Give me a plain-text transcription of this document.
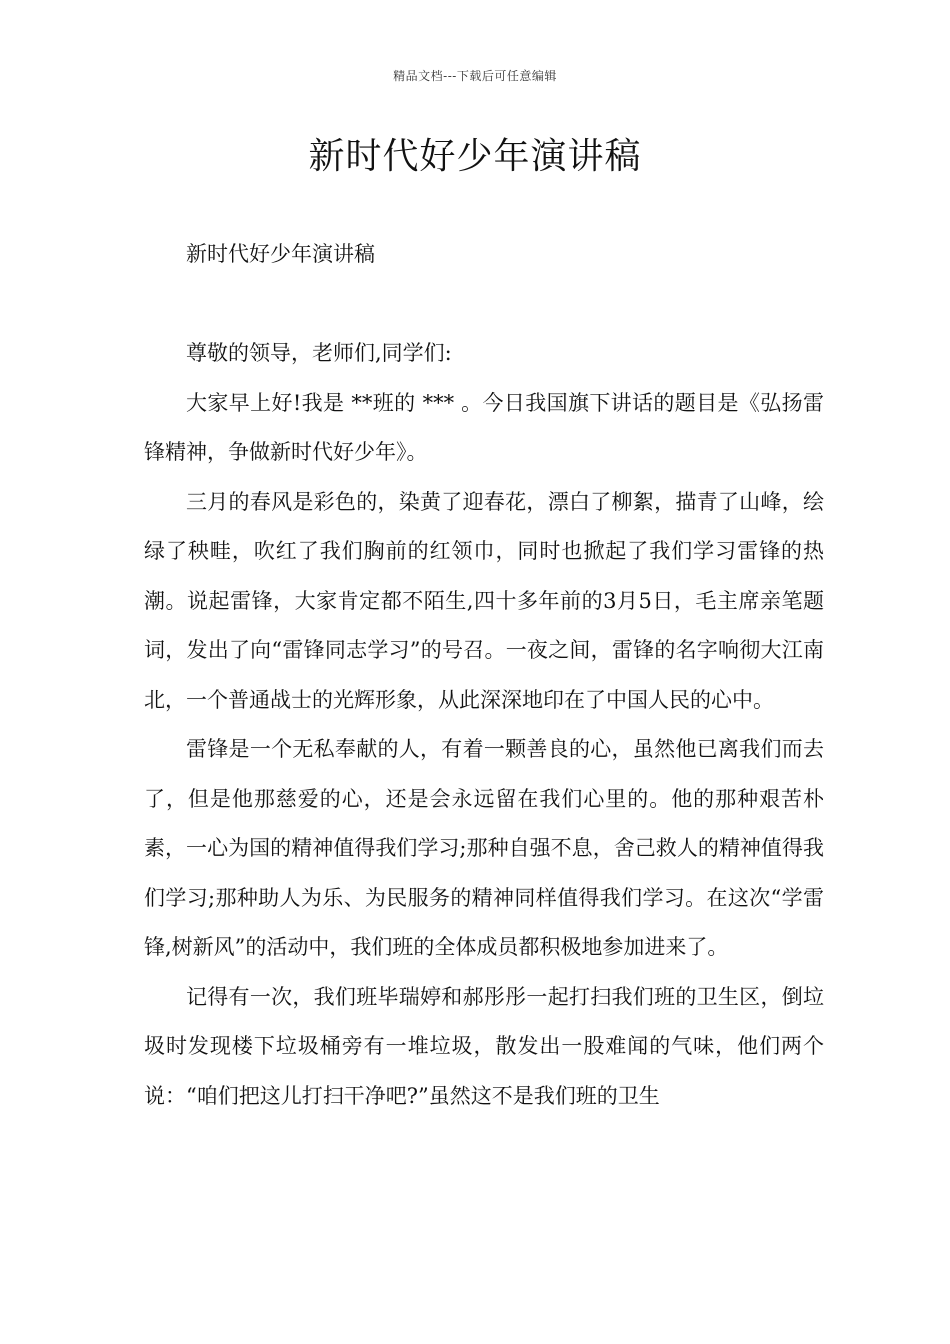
精品文档---下载后可任意编辑
新时代好少年演讲稿

新时代好少年演讲稿

尊敬的领导，老师们,同学们:

大家早上好!我是 **班的 *** 。今日我国旗下讲话的题目是《弘扬雷锋精神，争做新时代好少年》。

三月的春风是彩色的，染黄了迎春花，漂白了柳絮，描青了山峰，绘绿了秧畦，吹红了我们胸前的红领巾，同时也掀起了我们学习雷锋的热潮。说起雷锋，大家肯定都不陌生,四十多年前的3月5日，毛主席亲笔题词，发出了向“雷锋同志学习”的号召。一夜之间，雷锋的名字响彻大江南北，一个普通战士的光辉形象，从此深深地印在了中国人民的心中。

雷锋是一个无私奉献的人，有着一颗善良的心，虽然他已离我们而去了，但是他那慈爱的心，还是会永远留在我们心里的。他的那种艰苦朴素，一心为国的精神值得我们学习;那种自强不息，舍己救人的精神值得我们学习;那种助人为乐、为民服务的精神同样值得我们学习。在这次“学雷锋,树新风”的活动中，我们班的全体成员都积极地参加进来了。

记得有一次，我们班毕瑞婷和郝彤彤一起打扫我们班的卫生区，倒垃圾时发现楼下垃圾桶旁有一堆垃圾，散发出一股难闻的气味，他们两个说：“咱们把这儿打扫干净吧?”虽然这不是我们班的卫生
